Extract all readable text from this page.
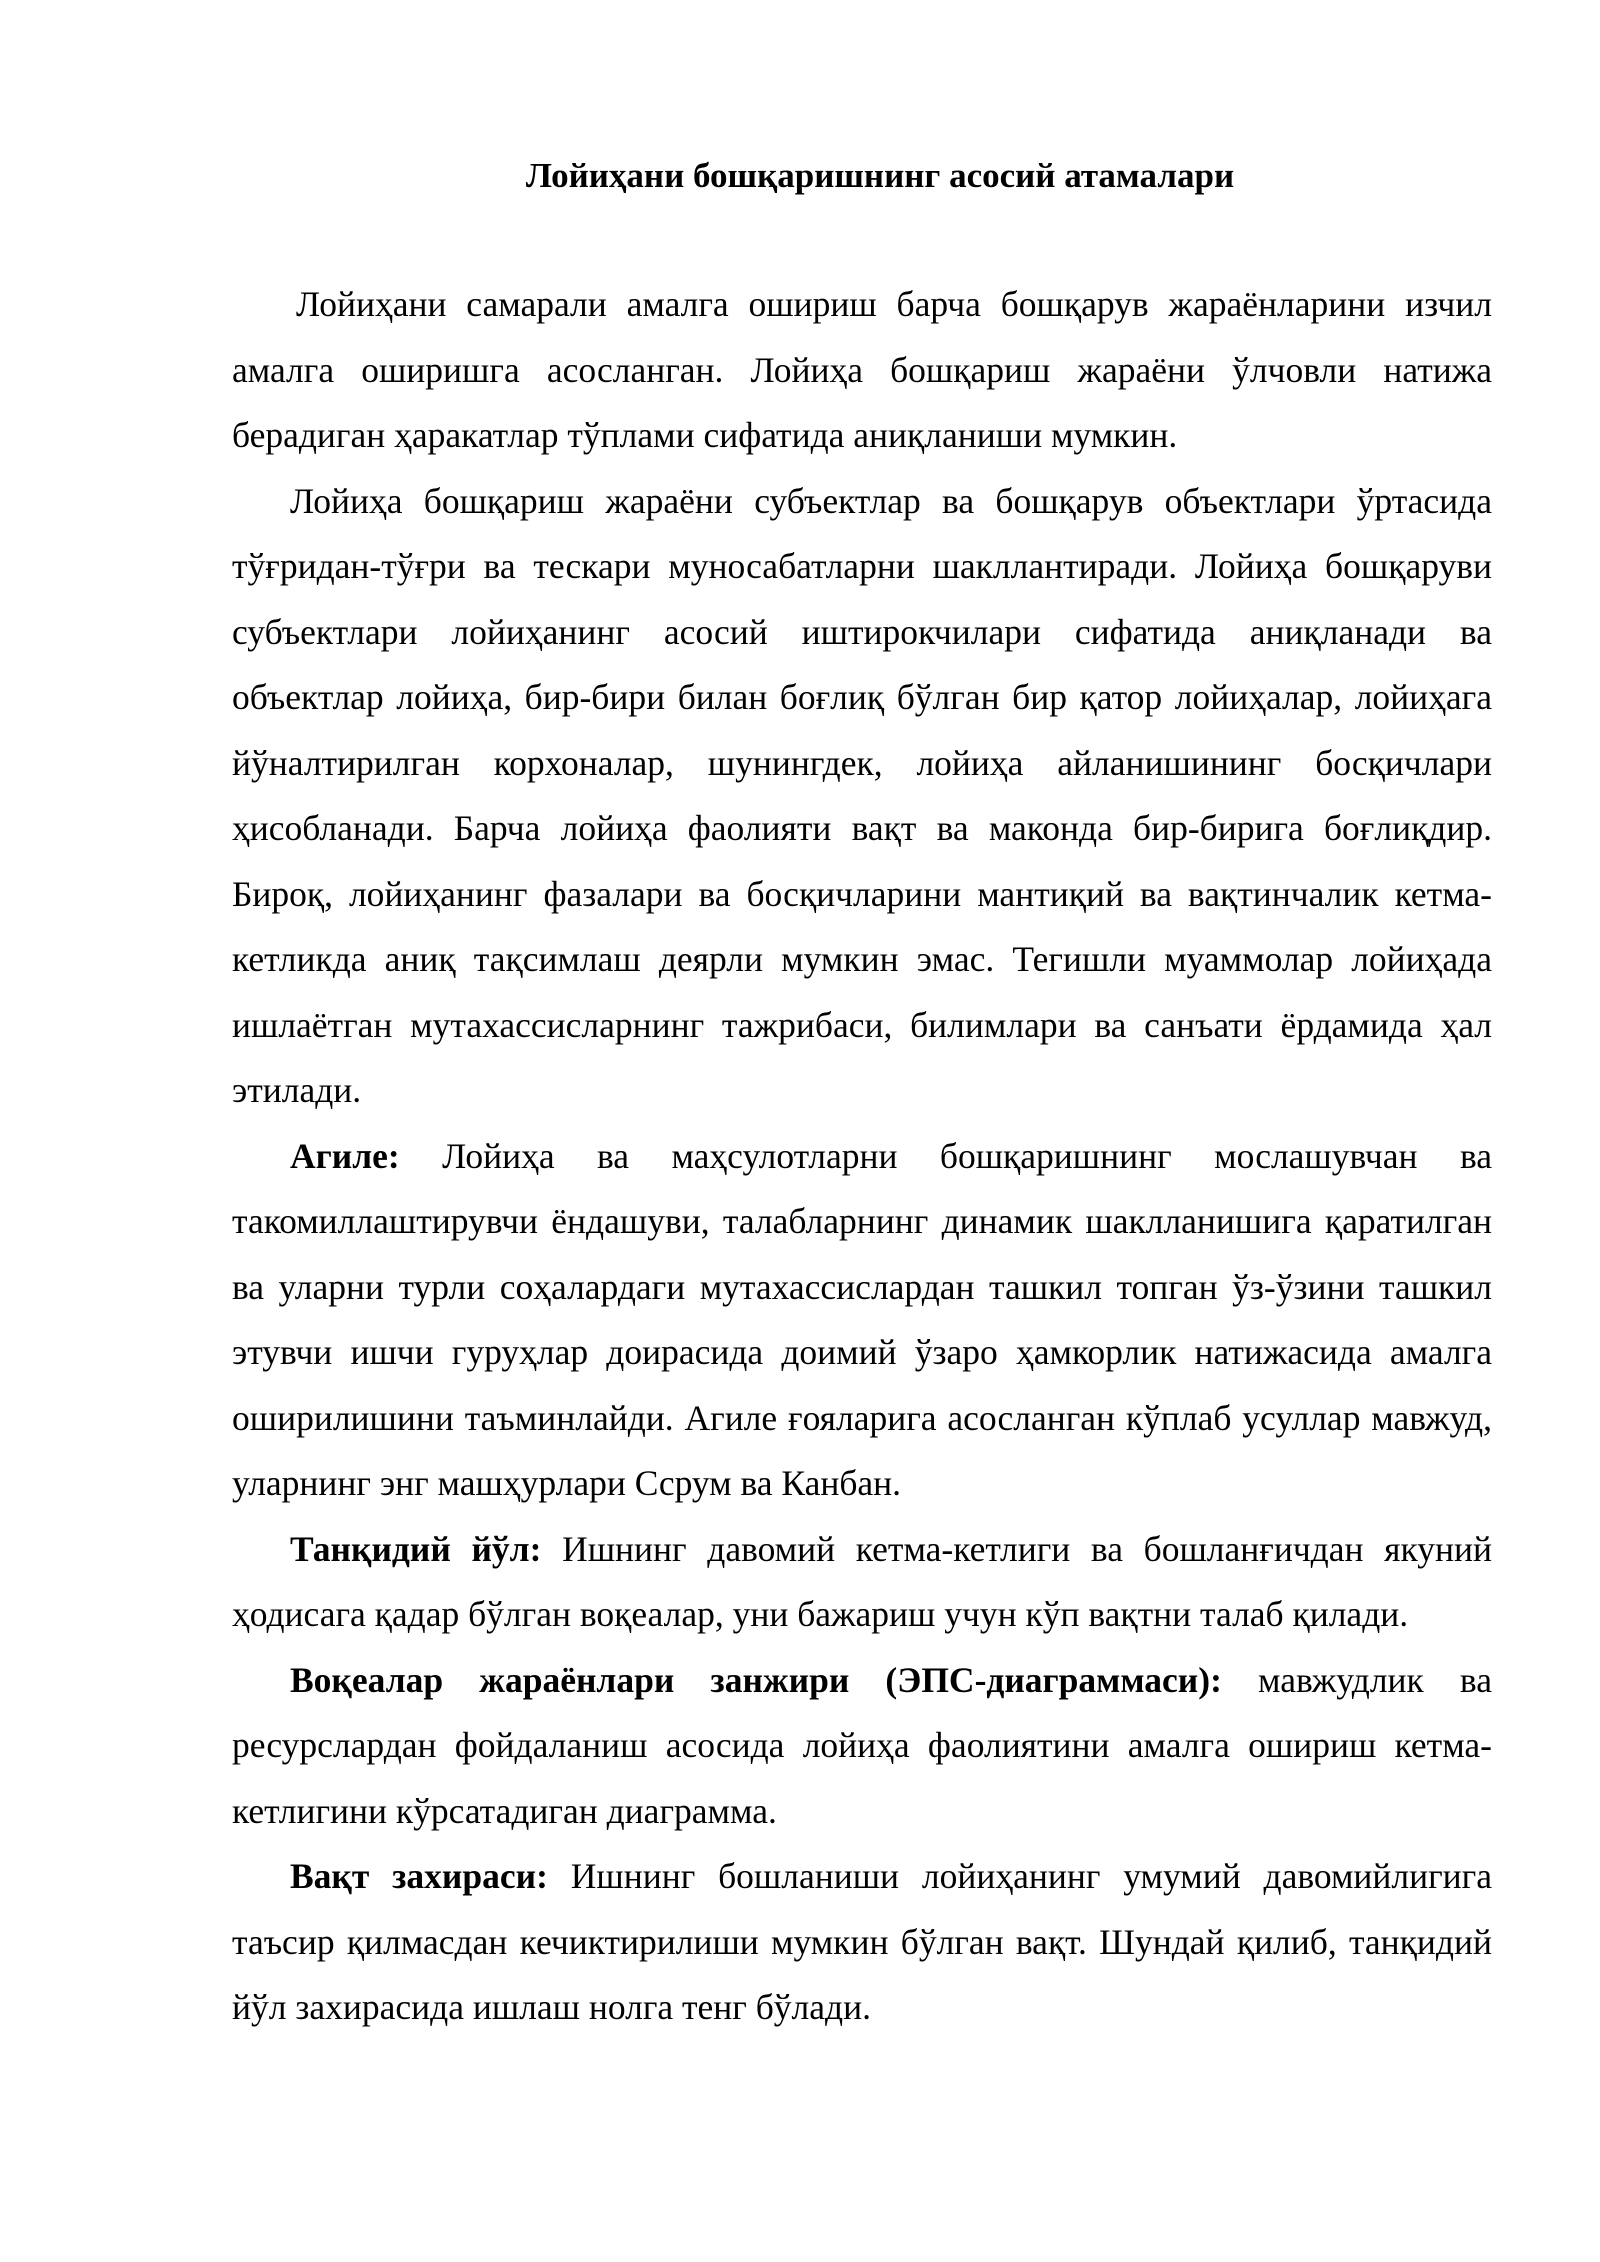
Лойиҳани бошқаришнинг асосий атамалари

Лойиҳани самарали амалга ошириш барча бошқарув жараёнларини изчил амалга оширишга асосланган. Лойиҳа бошқариш жараёни ўлчовли натижа берадиган ҳаракатлар тўплами сифатида аниқланиши мумкин.

Лойиҳа бошқариш жараёни субъектлар ва бошқарув объектлари ўртасида тўғридан-тўғри ва тескари муносабатларни шакллантиради. Лойиҳа бошқаруви субъектлари лойиҳанинг асосий иштирокчилари сифатида аниқланади ва объектлар лойиҳа, бир-бири билан боғлиқ бўлган бир қатор лойиҳалар, лойиҳага йўналтирилган корхоналар, шунингдек, лойиҳа айланишининг босқичлари ҳисобланади. Барча лойиҳа фаолияти вақт ва маконда бир-бирига боғлиқдир. Бироқ, лойиҳанинг фазалари ва босқичларини мантиқий ва вақтинчалик кетма-кетликда аниқ тақсимлаш деярли мумкин эмас. Тегишли муаммолар лойиҳада ишлаётган мутахассисларнинг тажрибаси, билимлари ва санъати ёрдамида ҳал этилади.

Агиле: Лойиҳа ва маҳсулотларни бошқаришнинг мослашувчан ва такомиллаштирувчи ёндашуви, талабларнинг динамик шаклланишига қаратилган ва уларни турли соҳалардаги мутахассислардан ташкил топган ўз-ўзини ташкил этувчи ишчи гуруҳлар доирасида доимий ўзаро ҳамкорлик натижасида амалга оширилишини таъминлайди. Агиле ғояларига асосланган кўплаб усуллар мавжуд, уларнинг энг машҳурлари Ссрум ва Канбан.

Танқидий йўл: Ишнинг давомий кетма-кетлиги ва бошланғичдан якуний ҳодисага қадар бўлган воқеалар, уни бажариш учун кўп вақтни талаб қилади.

Воқеалар жараёнлари занжири (ЭПС-диаграммаси): мавжудлик ва ресурслардан фойдаланиш асосида лойиҳа фаолиятини амалга ошириш кетма-кетлигини кўрсатадиган диаграмма.

Вақт захираси: Ишнинг бошланиши лойиҳанинг умумий давомийлигига таъсир қилмасдан кечиктирилиши мумкин бўлган вақт. Шундай қилиб, танқидий йўл захирасида ишлаш нолга тенг бўлади.
